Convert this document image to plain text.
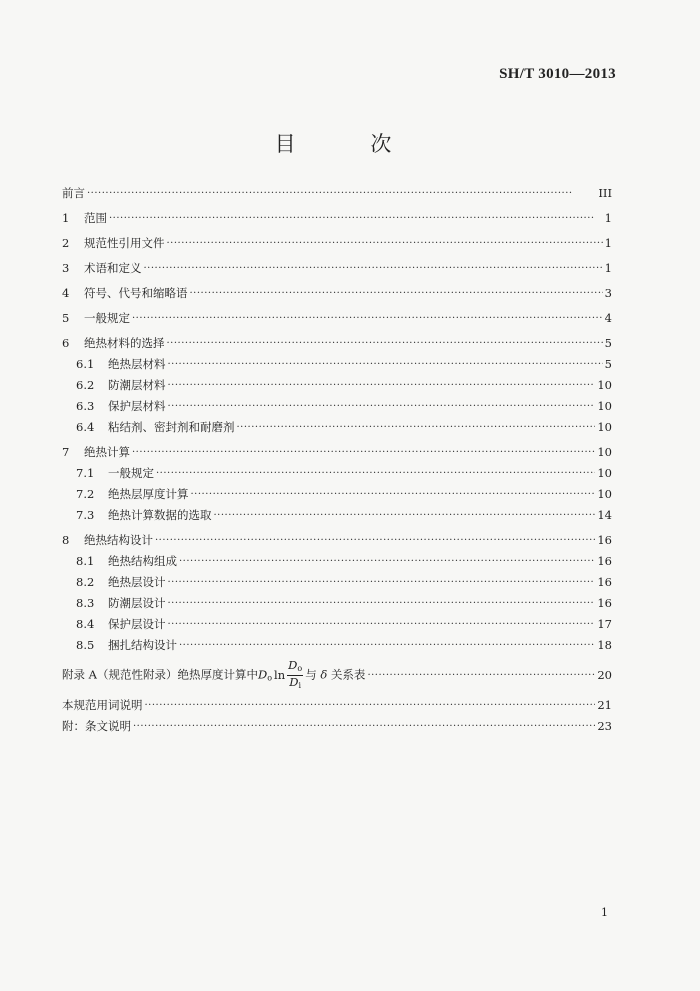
SH/T 3010—2013
目 次
前言 ·····	III
1 范围 ·····	1
2 规范性引用文件 ·····	1
3 术语和定义 ·····	1
4 符号、代号和缩略语 ·····	3
5 一般规定 ·····	4
6 绝热材料的选择 ·····	5
6.1 绝热层材料 ·····	5
6.2 防潮层材料 ·····	10
6.3 保护层材料 ·····	10
6.4 粘结剂、密封剂和耐磨剂 ·····	10
7 绝热计算 ·····	10
7.1 一般规定 ·····	10
7.2 绝热层厚度计算 ·····	10
7.3 绝热计算数据的选取 ·····	14
8 绝热结构设计 ·····	16
8.1 绝热结构组成 ·····	16
8.2 绝热层设计 ·····	16
8.3 防潮层设计 ·····	16
8.4 保护层设计 ·····	17
8.5 捆扎结构设计 ·····	18
附录 A（规范性附录）绝热厚度计算中$D_o$ $\ln \frac{D_o}{D_i}$ 与 δ 关系表 ·····	20
本规范用词说明 ·····	21
附：条文说明 ·····	23
1
